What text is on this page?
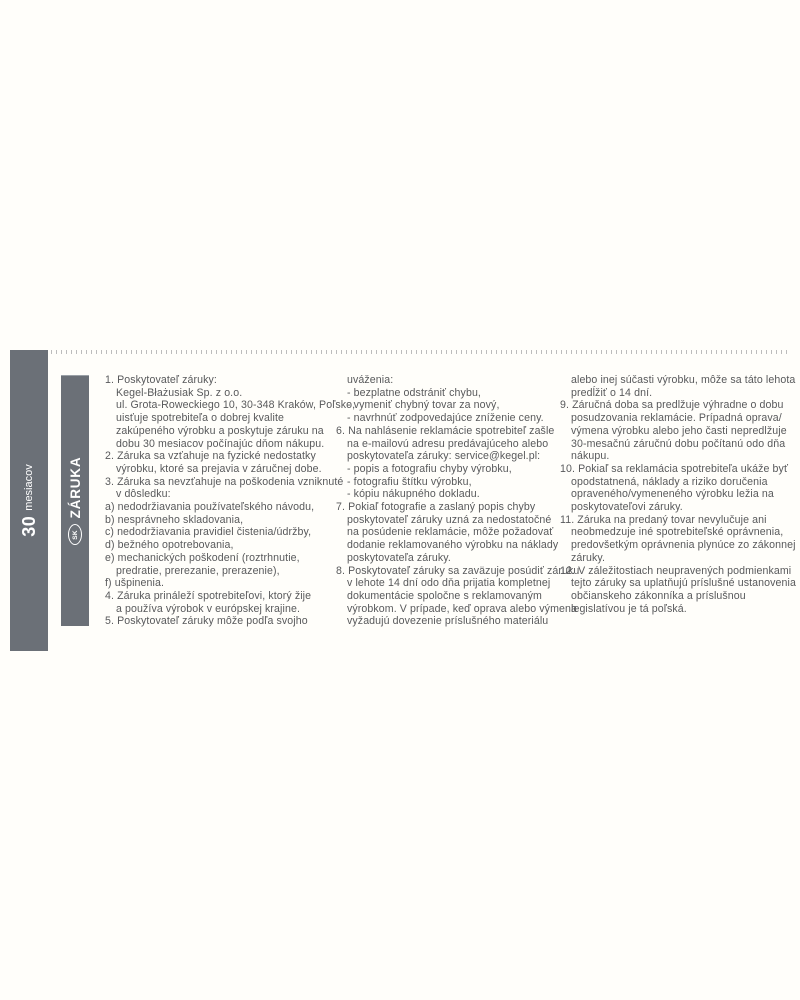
30
mesiacov
SK
ZÁRUKA
1. Poskytovateľ záruky:
Kegel-Błażusiak Sp. z o.o.
ul. Grota-Roweckiego 10, 30-348 Kraków, Poľsko,
uisťuje spotrebiteľa o dobrej kvalite
zakúpeného výrobku a poskytuje záruku na
dobu 30 mesiacov počínajúc dňom nákupu.
2. Záruka sa vzťahuje na fyzické nedostatky
výrobku, ktoré sa prejavia v záručnej dobe.
3. Záruka sa nevzťahuje na poškodenia vzniknuté
v dôsledku:
a) nedodržiavania používateľského návodu,
b) nesprávneho skladovania,
c) nedodržiavania pravidiel čistenia/údržby,
d) bežného opotrebovania,
e) mechanických poškodení (roztrhnutie,
predratie, prerezanie, prerazenie),
f) ušpinenia.
4. Záruka prináleží spotrebiteľovi, ktorý žije
a používa výrobok v európskej krajine.
5. Poskytovateľ záruky môže podľa svojho
uváženia:
- bezplatne odstrániť chybu,
- vymeniť chybný tovar za nový,
- navrhnúť zodpovedajúce zníženie ceny.
6. Na nahlásenie reklamácie spotrebiteľ zašle
na e-mailovú adresu predávajúceho alebo
poskytovateľa záruky: service@kegel.pl:
- popis a fotografiu chyby výrobku,
- fotografiu štítku výrobku,
- kópiu nákupného dokladu.
7. Pokiaľ fotografie a zaslaný popis chyby
poskytovateľ záruky uzná za nedostatočné
na posúdenie reklamácie, môže požadovať
dodanie reklamovaného výrobku na náklady
poskytovateľa záruky.
8. Poskytovateľ záruky sa zaväzuje posúdiť záruku
v lehote 14 dní odo dňa prijatia kompletnej
dokumentácie spoločne s reklamovaným
výrobkom. V prípade, keď oprava alebo výmena
vyžadujú dovezenie príslušného materiálu
alebo inej súčasti výrobku, môže sa táto lehota
predĺžiť o 14 dní.
9. Záručná doba sa predlžuje výhradne o dobu
posudzovania reklamácie. Prípadná oprava/
výmena výrobku alebo jeho časti nepredlžuje
30-mesačnú záručnú dobu počítanú odo dňa
nákupu.
10. Pokiaľ sa reklamácia spotrebiteľa ukáže byť
opodstatnená, náklady a riziko doručenia
opraveného/vymeneného výrobku ležia na
poskytovateľovi záruky.
11. Záruka na predaný tovar nevylučuje ani
neobmedzuje iné spotrebiteľské oprávnenia,
predovšetkým oprávnenia plynúce zo zákonnej
záruky.
12. V záležitostiach neupravených podmienkami
tejto záruky sa uplatňujú príslušné ustanovenia
občianskeho zákonníka a príslušnou
legislatívou je tá poľská.
